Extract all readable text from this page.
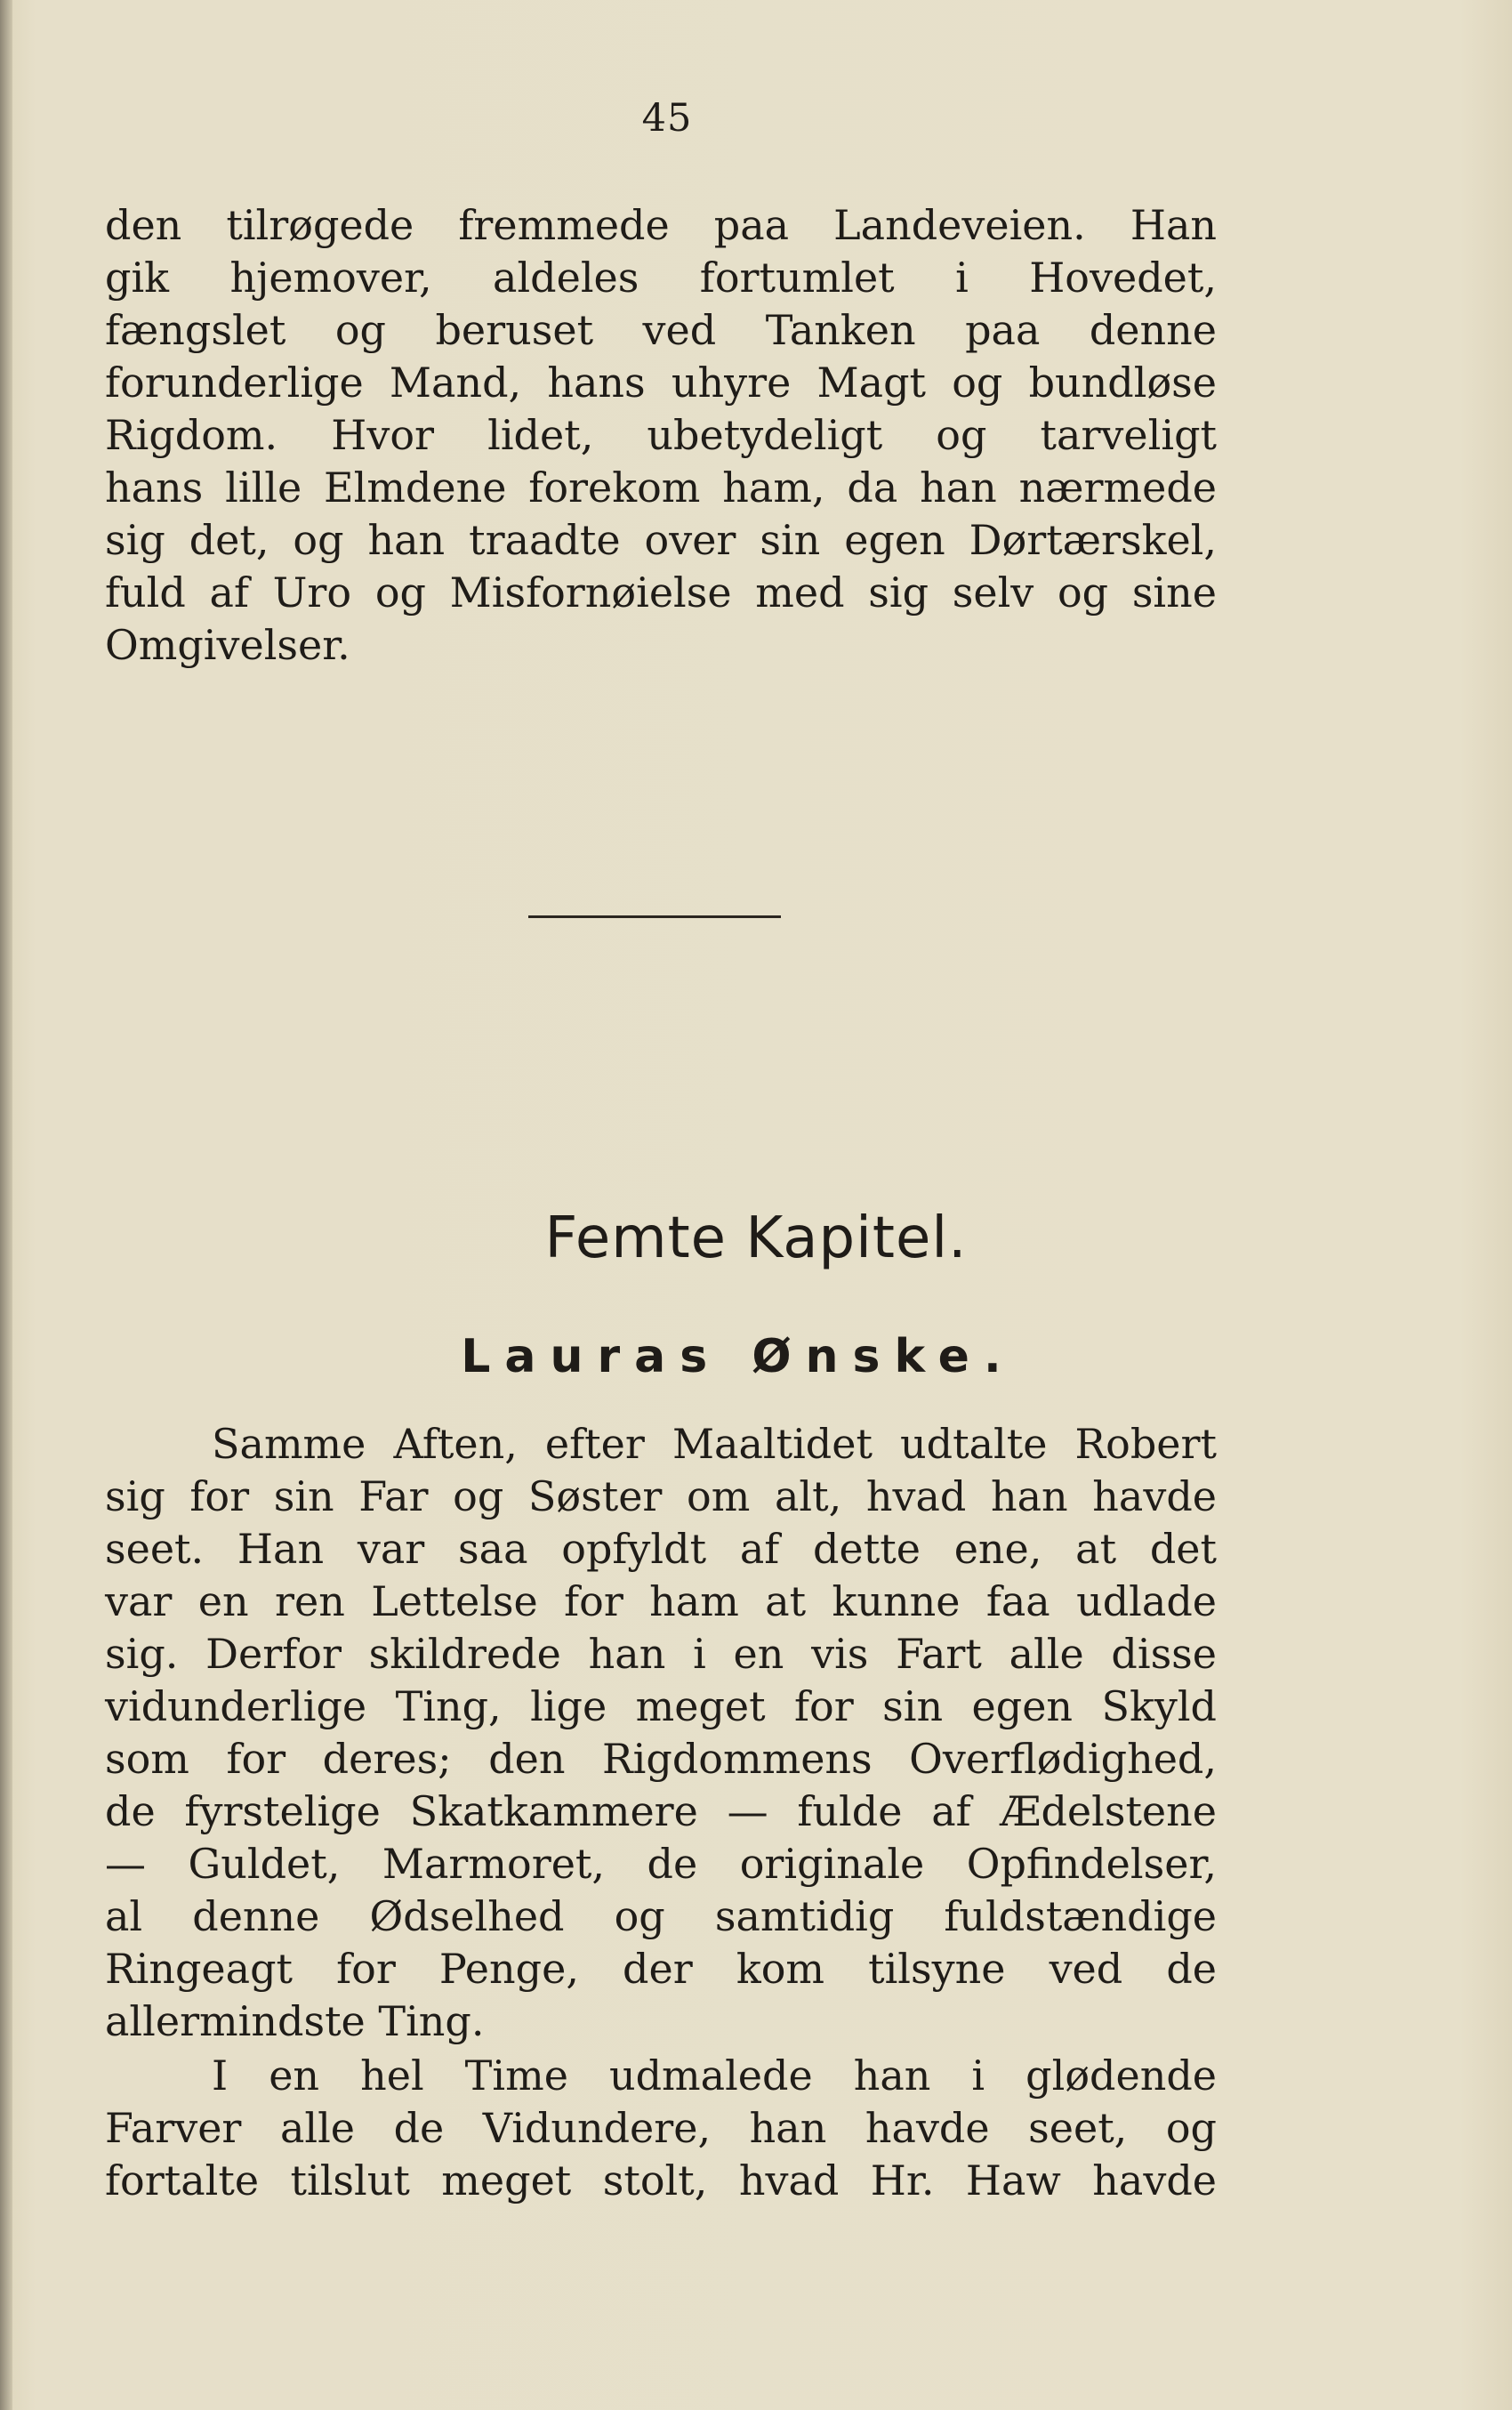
45
den tilrøgede fremmede paa Landeveien. Han
gik hjemover, aldeles fortumlet i Hovedet,
fængslet og beruset ved Tanken paa denne
forunderlige Mand, hans uhyre Magt og bundløse
Rigdom. Hvor lidet, ubetydeligt og tarveligt
hans lille Elmdene forekom ham, da han nærmede
sig det, og han traadte over sin egen Dørtærskel,
fuld af Uro og Misfornøielse med sig selv og sine
Omgivelser.
Femte Kapitel.
Lauras Ønske.
Samme Aften, efter Maaltidet udtalte Robert
sig for sin Far og Søster om alt, hvad han havde
seet. Han var saa opfyldt af dette ene, at det
var en ren Lettelse for ham at kunne faa udlade
sig. Derfor skildrede han i en vis Fart alle disse
vidunderlige Ting, lige meget for sin egen Skyld
som for deres; den Rigdommens Overflødighed,
de fyrstelige Skatkammere — fulde af Ædelstene
— Guldet, Marmoret, de originale Opfindelser,
al denne Ødselhed og samtidig fuldstændige
Ringeagt for Penge, der kom tilsyne ved de
allermindste Ting.
I en hel Time udmalede han i glødende
Farver alle de Vidundere, han havde seet, og
fortalte tilslut meget stolt, hvad Hr. Haw havde
